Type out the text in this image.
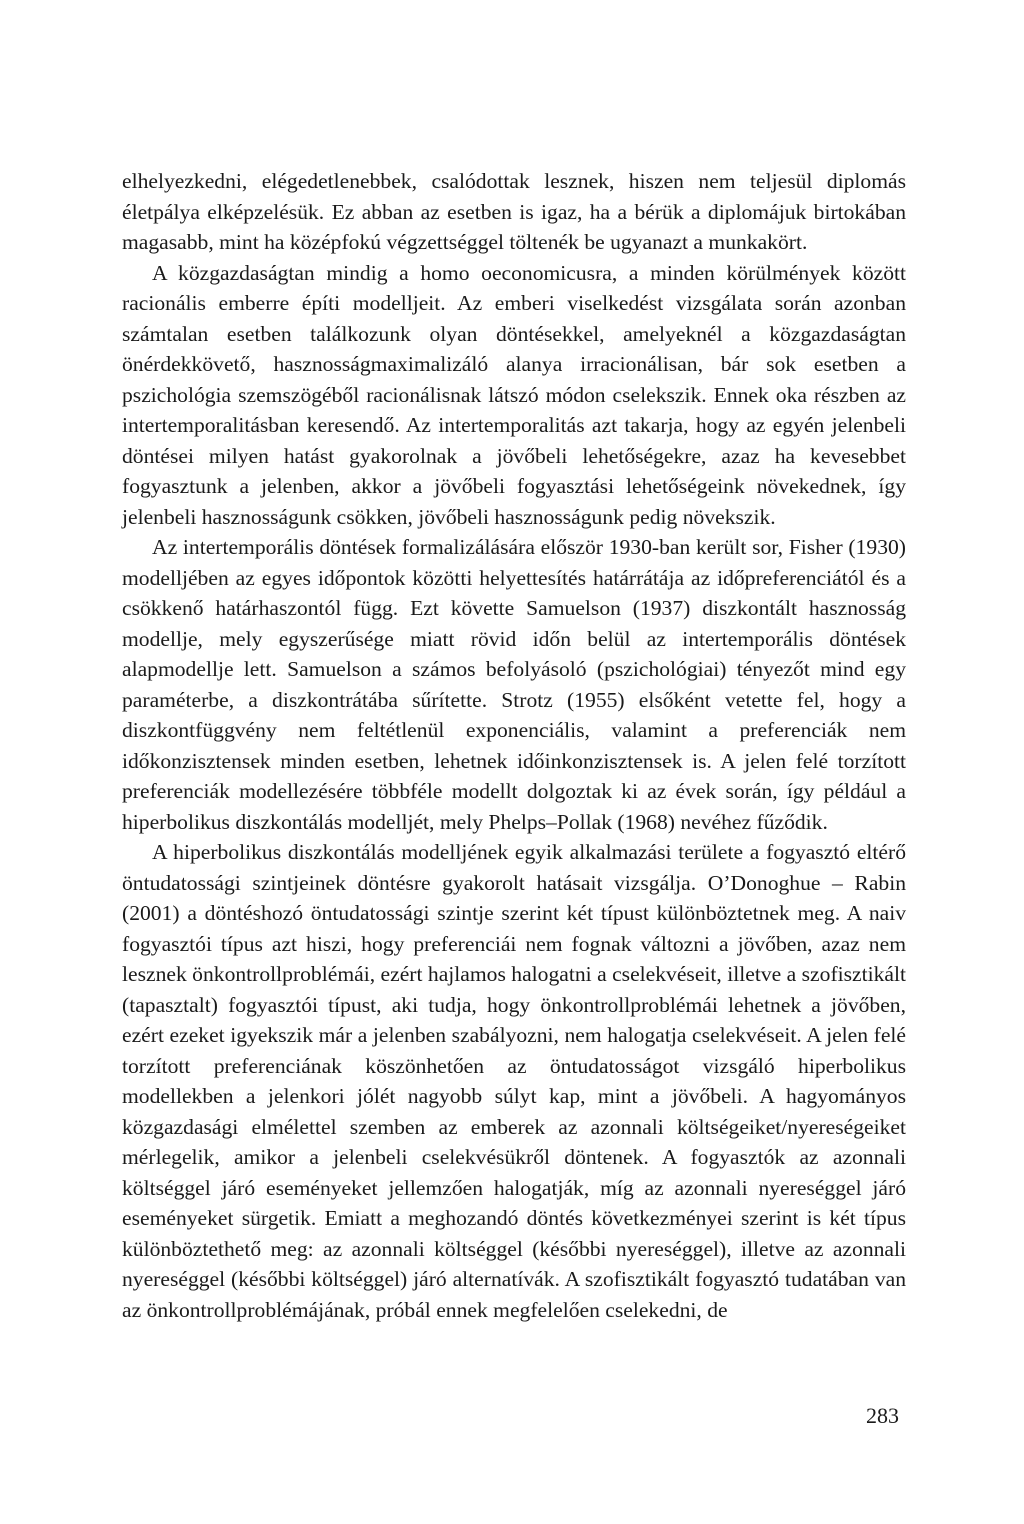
elhelyezkedni, elégedetlenebbek, csalódottak lesznek, hiszen nem teljesül diplomás életpálya elképzelésük. Ez abban az esetben is igaz, ha a bérük a diplomájuk birtokában magasabb, mint ha középfokú végzettséggel töltenék be ugyanazt a munkakört.

A közgazdaságtan mindig a homo oeconomicusra, a minden körülmények között racionális emberre építi modelljeit. Az emberi viselkedést vizsgálata során azonban számtalan esetben találkozunk olyan döntésekkel, amelyeknél a közgazdaságtan önérdekkövető, hasznosságmaximalizáló alanya irracionálisan, bár sok esetben a pszichológia szemszögéből racionálisnak látszó módon cselekszik. Ennek oka részben az intertemporalitásban keresendő. Az intertemporalitás azt takarja, hogy az egyén jelenbeli döntései milyen hatást gyakorolnak a jövőbeli lehetőségekre, azaz ha kevesebbet fogyasztunk a jelenben, akkor a jövőbeli fogyasztási lehetőségeink növekednek, így jelenbeli hasznosságunk csökken, jövőbeli hasznosságunk pedig növekszik.

Az intertemporális döntések formalizálására először 1930-ban került sor, Fisher (1930) modelljében az egyes időpontok közötti helyettesítés határrátája az időpreferenciától és a csökkenő határhaszontól függ. Ezt követte Samuelson (1937) diszkontált hasznosság modellje, mely egyszerűsége miatt rövid időn belül az intertemporális döntések alapmodellje lett. Samuelson a számos befolyásoló (pszichológiai) tényezőt mind egy paraméterbe, a diszkontrátába sűrítette. Strotz (1955) elsőként vetette fel, hogy a diszkontfüggvény nem feltétlenül exponenciális, valamint a preferenciák nem időkonzisztensek minden esetben, lehetnek időinkonzisztensek is. A jelen felé torzított preferenciák modellezésére többféle modellt dolgoztak ki az évek során, így például a hiperbolikus diszkontálás modelljét, mely Phelps–Pollak (1968) nevéhez fűződik.

A hiperbolikus diszkontálás modelljének egyik alkalmazási területe a fogyasztó eltérő öntudatossági szintjeinek döntésre gyakorolt hatásait vizsgálja. O’Donoghue – Rabin (2001) a döntéshozó öntudatossági szintje szerint két típust különböztetnek meg. A naiv fogyasztói típus azt hiszi, hogy preferenciái nem fognak változni a jövőben, azaz nem lesznek önkontrollproblémái, ezért hajlamos halogatni a cselekvéseit, illetve a szofisztikált (tapasztalt) fogyasztói típust, aki tudja, hogy önkontrollproblémái lehetnek a jövőben, ezért ezeket igyekszik már a jelenben szabályozni, nem halogatja cselekvéseit. A jelen felé torzított preferenciának köszönhetően az öntudatosságot vizsgáló hiperbolikus modellekben a jelenkori jólét nagyobb súlyt kap, mint a jövőbeli. A hagyományos közgazdasági elmélettel szemben az emberek az azonnali költségeiket/nyereségeiket mérlegelik, amikor a jelenbeli cselekvésükről döntenek. A fogyasztók az azonnali költséggel járó eseményeket jellemzően halogatják, míg az azonnali nyereséggel járó eseményeket sürgetik. Emiatt a meghozandó döntés következményei szerint is két típus különböztethető meg: az azonnali költséggel (későbbi nyereséggel), illetve az azonnali nyereséggel (későbbi költséggel) járó alternatívák. A szofisztikált fogyasztó tudatában van az önkontrollproblémájának, próbál ennek megfelelően cselekedni, de

283
